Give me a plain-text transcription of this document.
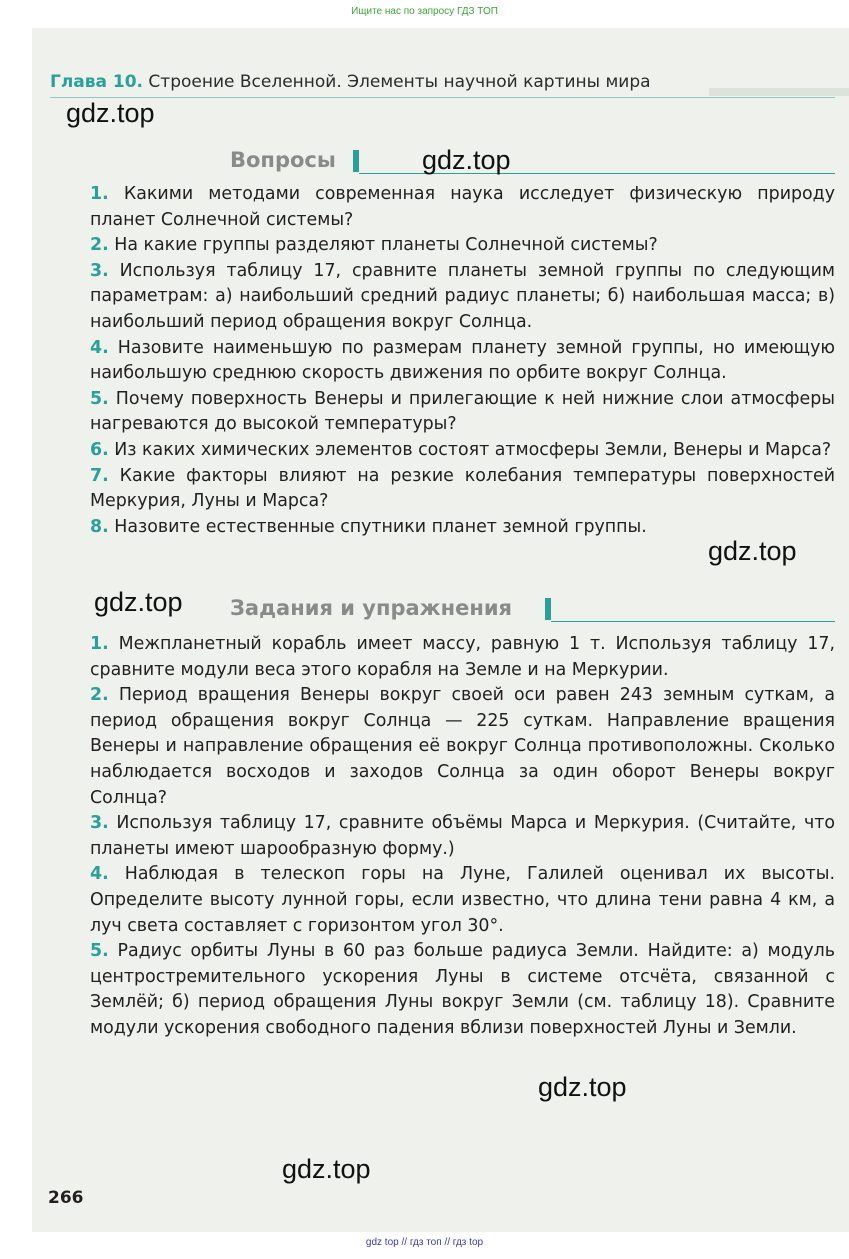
Ищите нас по запросу ГДЗ ТОП
Глава 10. Строение Вселенной. Элементы научной картины мира
gdz.top
Вопросы	gdz.top

1. Какими методами современная наука исследует физическую природу планет Солнечной системы?

2. На какие группы разделяют планеты Солнечной системы?

3. Используя таблицу 17, сравните планеты земной группы по следующим параметрам: а) наибольший средний радиус планеты; б) наибольшая масса; в) наибольший период обращения вокруг Солнца.

4. Назовите наименьшую по размерам планету земной группы, но имеющую наибольшую среднюю скорость движения по орбите вокруг Солнца.

5. Почему поверхность Венеры и прилегающие к ней нижние слои атмосферы нагреваются до высокой температуры?

6. Из каких химических элементов состоят атмосферы Земли, Венеры и Марса?

7. Какие факторы влияют на резкие колебания температуры поверхностей Меркурия, Луны и Марса?

8. Назовите естественные спутники планет земной группы.

gdz.top
gdz.top Задания и упражнения

1. Межпланетный корабль имеет массу, равную 1 т. Используя таблицу 17, сравните модули веса этого корабля на Земле и на Меркурии.

2. Период вращения Венеры вокруг своей оси равен 243 земным суткам, а период обращения вокруг Солнца — 225 суткам. Направление вращения Венеры и направление обращения её вокруг Солнца противоположны. Сколько наблюдается восходов и заходов Солнца за один оборот Венеры вокруг Солнца?

3. Используя таблицу 17, сравните объёмы Марса и Меркурия. (Считайте, что планеты имеют шарообразную форму.)

4. Наблюдая в телескоп горы на Луне, Галилей оценивал их высоты. Определите высоту лунной горы, если известно, что длина тени равна 4 км, а луч света составляет с горизонтом угол 30°.

5. Радиус орбиты Луны в 60 раз больше радиуса Земли. Найдите: а) модуль центростремительного ускорения Луны в системе отсчёта, связанной с Землёй; б) период обращения Луны вокруг Земли (см. таблицу 18). Сравните модули ускорения свободного падения вблизи поверхностей Луны и Земли.

gdz.top
gdz.top
266
gdz top // гдз топ // гдз top
